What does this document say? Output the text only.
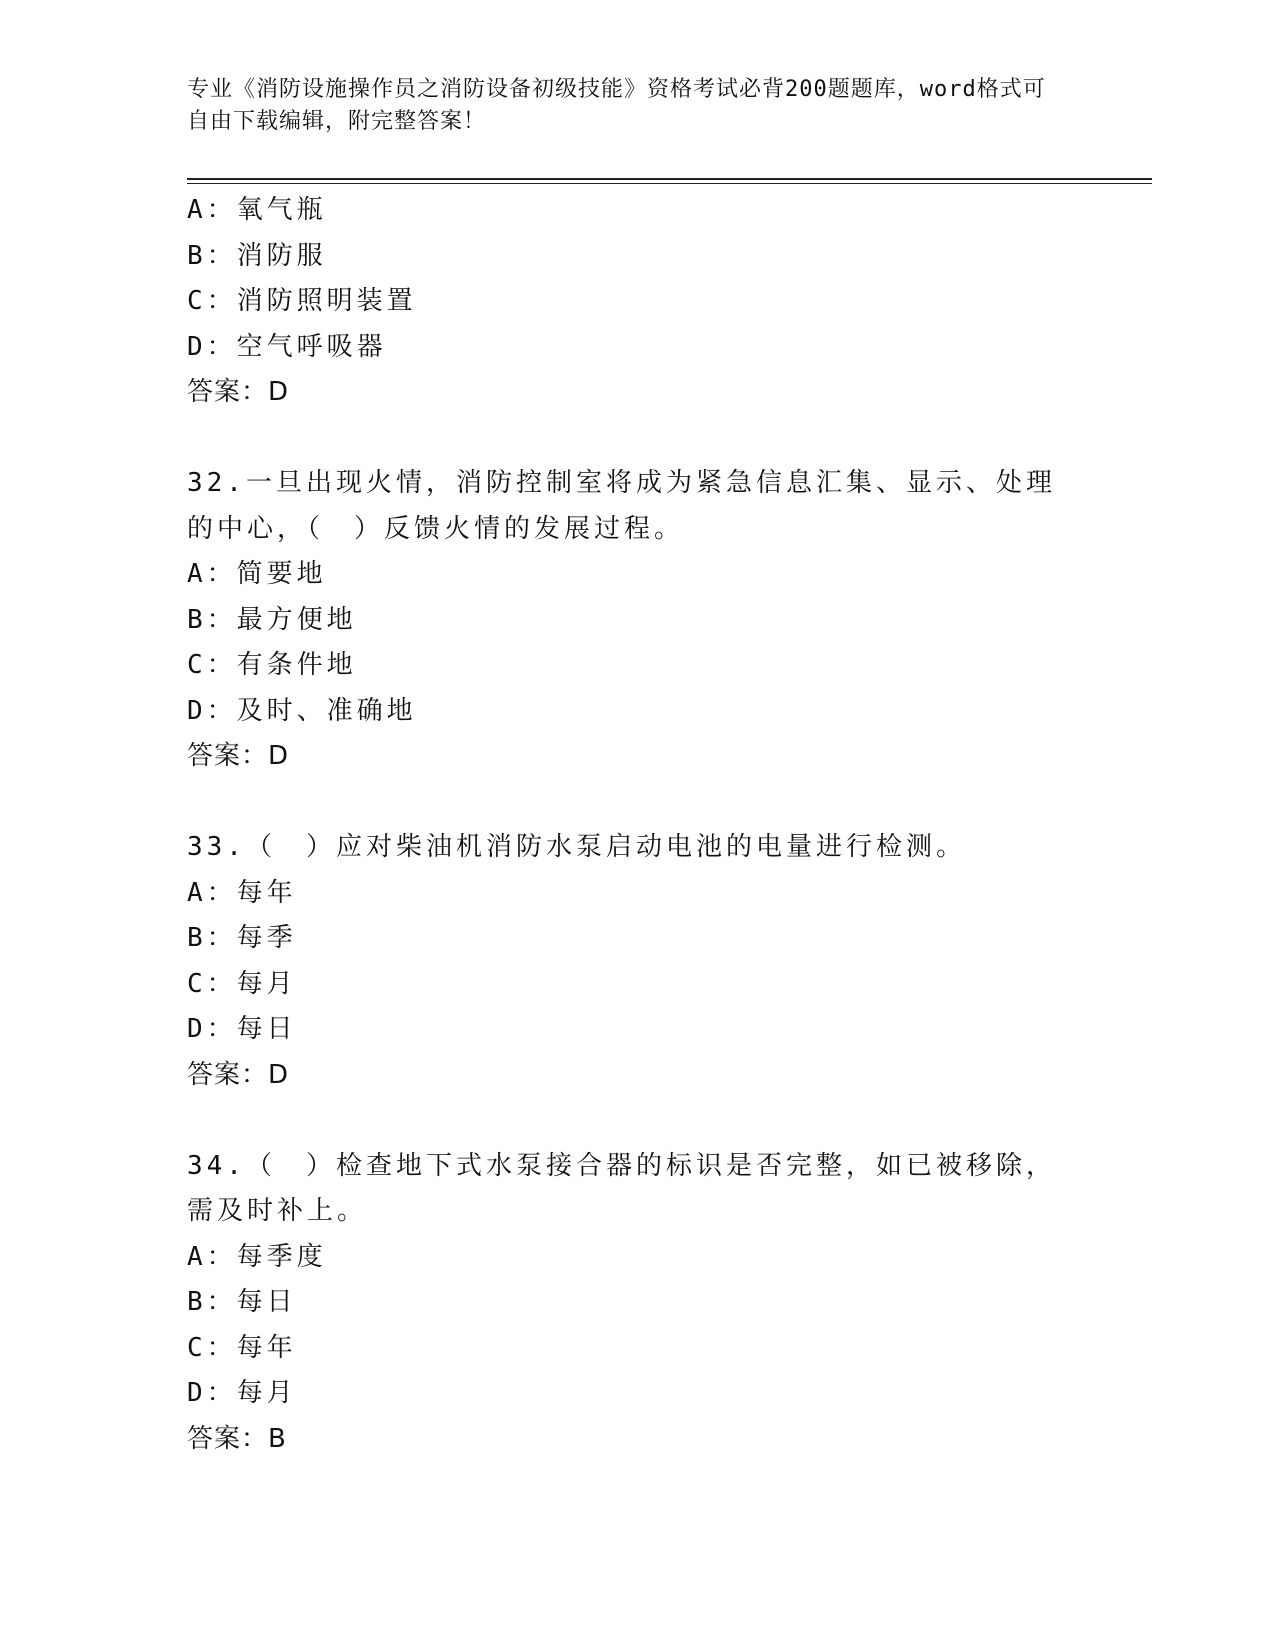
专业《消防设施操作员之消防设备初级技能》资格考试必背200题题库，word格式可自由下载编辑，附完整答案！
A：氧气瓶
B：消防服
C：消防照明装置
D：空气呼吸器
答案：D
32.一旦出现火情，消防控制室将成为紧急信息汇集、显示、处理的中心，（　）反馈火情的发展过程。
A：简要地
B：最方便地
C：有条件地
D：及时、准确地
答案：D
33.（　）应对柴油机消防水泵启动电池的电量进行检测。
A：每年
B：每季
C：每月
D：每日
答案：D
34.（　）检查地下式水泵接合器的标识是否完整，如已被移除，需及时补上。
A：每季度
B：每日
C：每年
D：每月
答案：B
